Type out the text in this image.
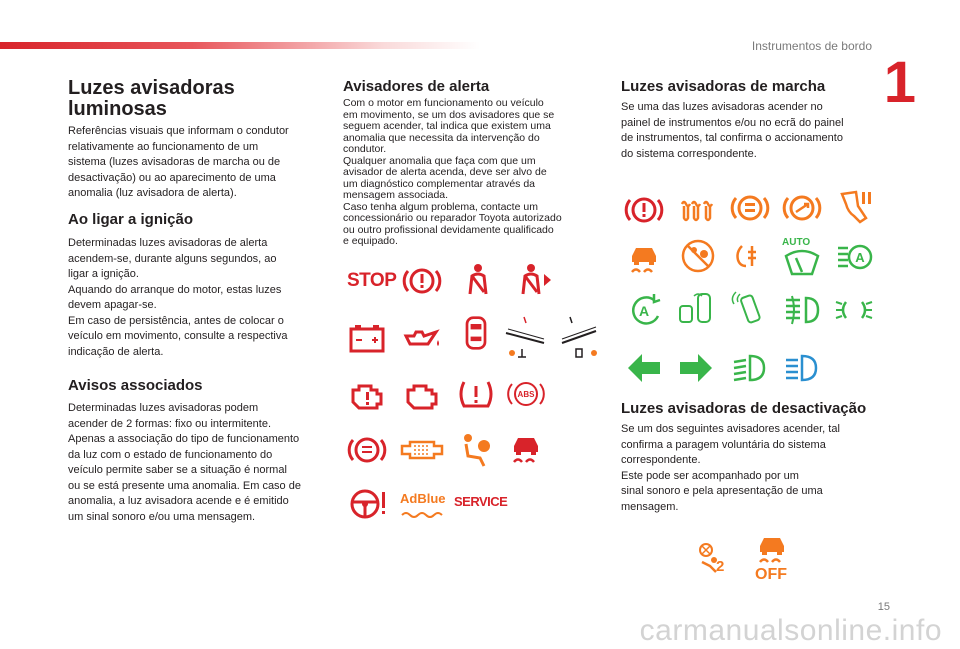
Instrumentos de bordo
1
Luzes avisadoras
luminosas
Referências visuais que informam o condutor
relativamente ao funcionamento de um
sistema (luzes avisadoras de marcha ou de
desactivação) ou ao aparecimento de uma
anomalia (luz avisadora de alerta).
Ao ligar a ignição
Determinadas luzes avisadoras de alerta
acendem-se, durante alguns segundos, ao
ligar a ignição.
Aquando do arranque do motor, estas luzes
devem apagar-se.
Em caso de persistência, antes de colocar o
veículo em movimento, consulte a respectiva
indicação de alerta.
Avisos associados
Determinadas luzes avisadoras podem
acender de 2 formas: fixo ou intermitente.
Apenas a associação do tipo de funcionamento
da luz com o estado de funcionamento do
veículo permite saber se a situação é normal
ou se está presente uma anomalia. Em caso de
anomalia, a luz avisadora acende e é emitido
um sinal sonoro e/ou uma mensagem.
Avisadores de alerta
Com o motor em funcionamento ou veículo
em movimento, se um dos avisadores que se
seguem acender, tal indica que existem uma
anomalia que necessita da intervenção do
condutor.
Qualquer anomalia que faça com que um
avisador de alerta acenda, deve ser alvo de
um diagnóstico complementar através da
mensagem associada.
Caso tenha algum problema, contacte um
concessionário ou reparador Toyota autorizado
ou outro profissional devidamente qualificado
e equipado.
STOP
ABS
AdBlue SERVICE
Luzes avisadoras de marcha
Se uma das luzes avisadoras acender no
painel de instrumentos e/ou no ecrã do painel
de instrumentos, tal confirma o accionamento
do sistema correspondente.
AUTO
A
A
Luzes avisadoras de desactivação
Se um dos seguintes avisadores acender, tal
confirma a paragem voluntária do sistema
correspondente.
Este pode ser acompanhado por um
sinal sonoro e pela apresentação de uma
mensagem.
2 OFF
15
carmanualsonline.info
